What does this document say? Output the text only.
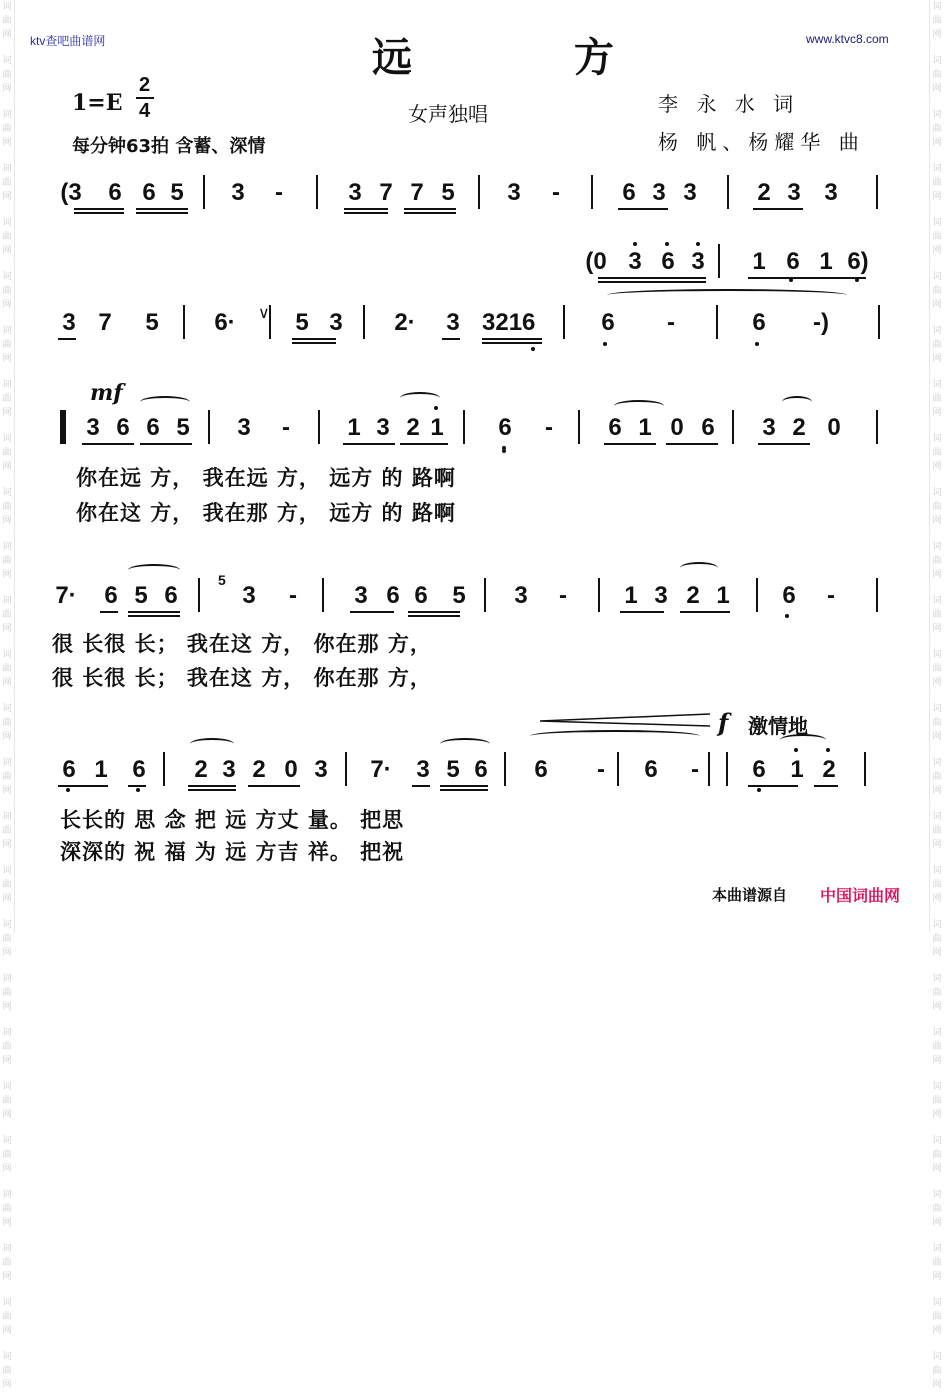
词曲网
词曲网
词曲网
词曲网
词曲网
词曲网
词曲网
词曲网
词曲网
词曲网
词曲网
词曲网
词曲网
词曲网
词曲网
词曲网
词曲网
词曲网
词曲网
词曲网
词曲网
词曲网
词曲网
词曲网
词曲网
词曲网
词曲网
词曲网
词曲网
词曲网
词曲网
词曲网
词曲网
词曲网
词曲网
词曲网
词曲网
词曲网
词曲网
词曲网
词曲网
词曲网
词曲网
词曲网
词曲网
词曲网
词曲网
词曲网
词曲网
词曲网
词曲网
词曲网
ktv查吧曲谱网	www.ktvc8.com
远 方
1=E
2
4
每分钟63拍 含蓄、深情
女声独唱	李 永 水 词
杨 帆、杨耀华 曲
(3 6 6 5 3 -	3 7 7 5 3 -	6 3 3	2 3 3
(0 3 6 3 1 6 1 6)
3 7 5 6· 5 3 2· 3 3216	6 -	6 -)
∨
mf
3 6 6 5 3 - 1 3 2 1 6 - 6 1 0 6 3 2 0
你在远 方， 我在远 方， 远方 的 路啊
你在这 方， 我在那 方， 远方 的 路啊
7· 6 5 6	3 - 3 6 6 5 3 - 1 3 2 1 6 -
5
很 长很 长； 我在这 方， 你在那 方，
很 长很 长； 我在这 方， 你在那 方，
f 激情地
6 1 6 2 3 2 0 3 7· 3 5 6 6 - 6 - 6 1 2
长长的 思 念 把 远 方丈 量。 把思
深深的 祝 福 为 远 方吉 祥。 把祝
本曲谱源自 中国词曲网
